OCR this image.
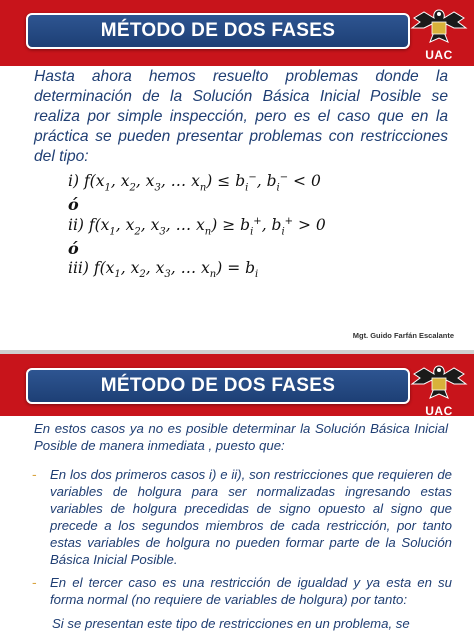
MÉTODO DE DOS FASES
UAC

Hasta ahora hemos resuelto problemas donde la determinación de la Solución Básica Inicial Posible se realiza por simple inspección, pero es el caso que en la práctica se pueden presentar problemas con restricciones del tipo:

i) $f(x_1$, $x_2$, $x_3$, … $x_n) \le b_i^-$, $b_i^- < 0$
ó
ii) $f(x_1$, $x_2$, $x_3$, … $x_n) \ge b_i^+$, $b_i^+ > 0$
ó
iii) $f(x_1$, $x_2$, $x_3$, … $x_n) = b_i$
Mgt. Guido Farfán Escalante
MÉTODO DE DOS FASES
UAC

En estos casos ya no es posible determinar la Solución Básica Inicial Posible de manera inmediata , puesto que:

-	En los dos primeros casos i) e ii), son restricciones que requieren de variables de holgura para ser normalizadas ingresando estas variables de holgura precedidas de signo opuesto al signo que precede a los segundos miembros de cada restricción, por tanto estas variables de holgura no pueden formar parte de la Solución Básica Inicial Posible.
-	En el tercer caso es una restricción de igualdad y ya esta en su forma normal (no requiere de variables de holgura) por tanto:

Si se presentan este tipo de restricciones en un problema, se
